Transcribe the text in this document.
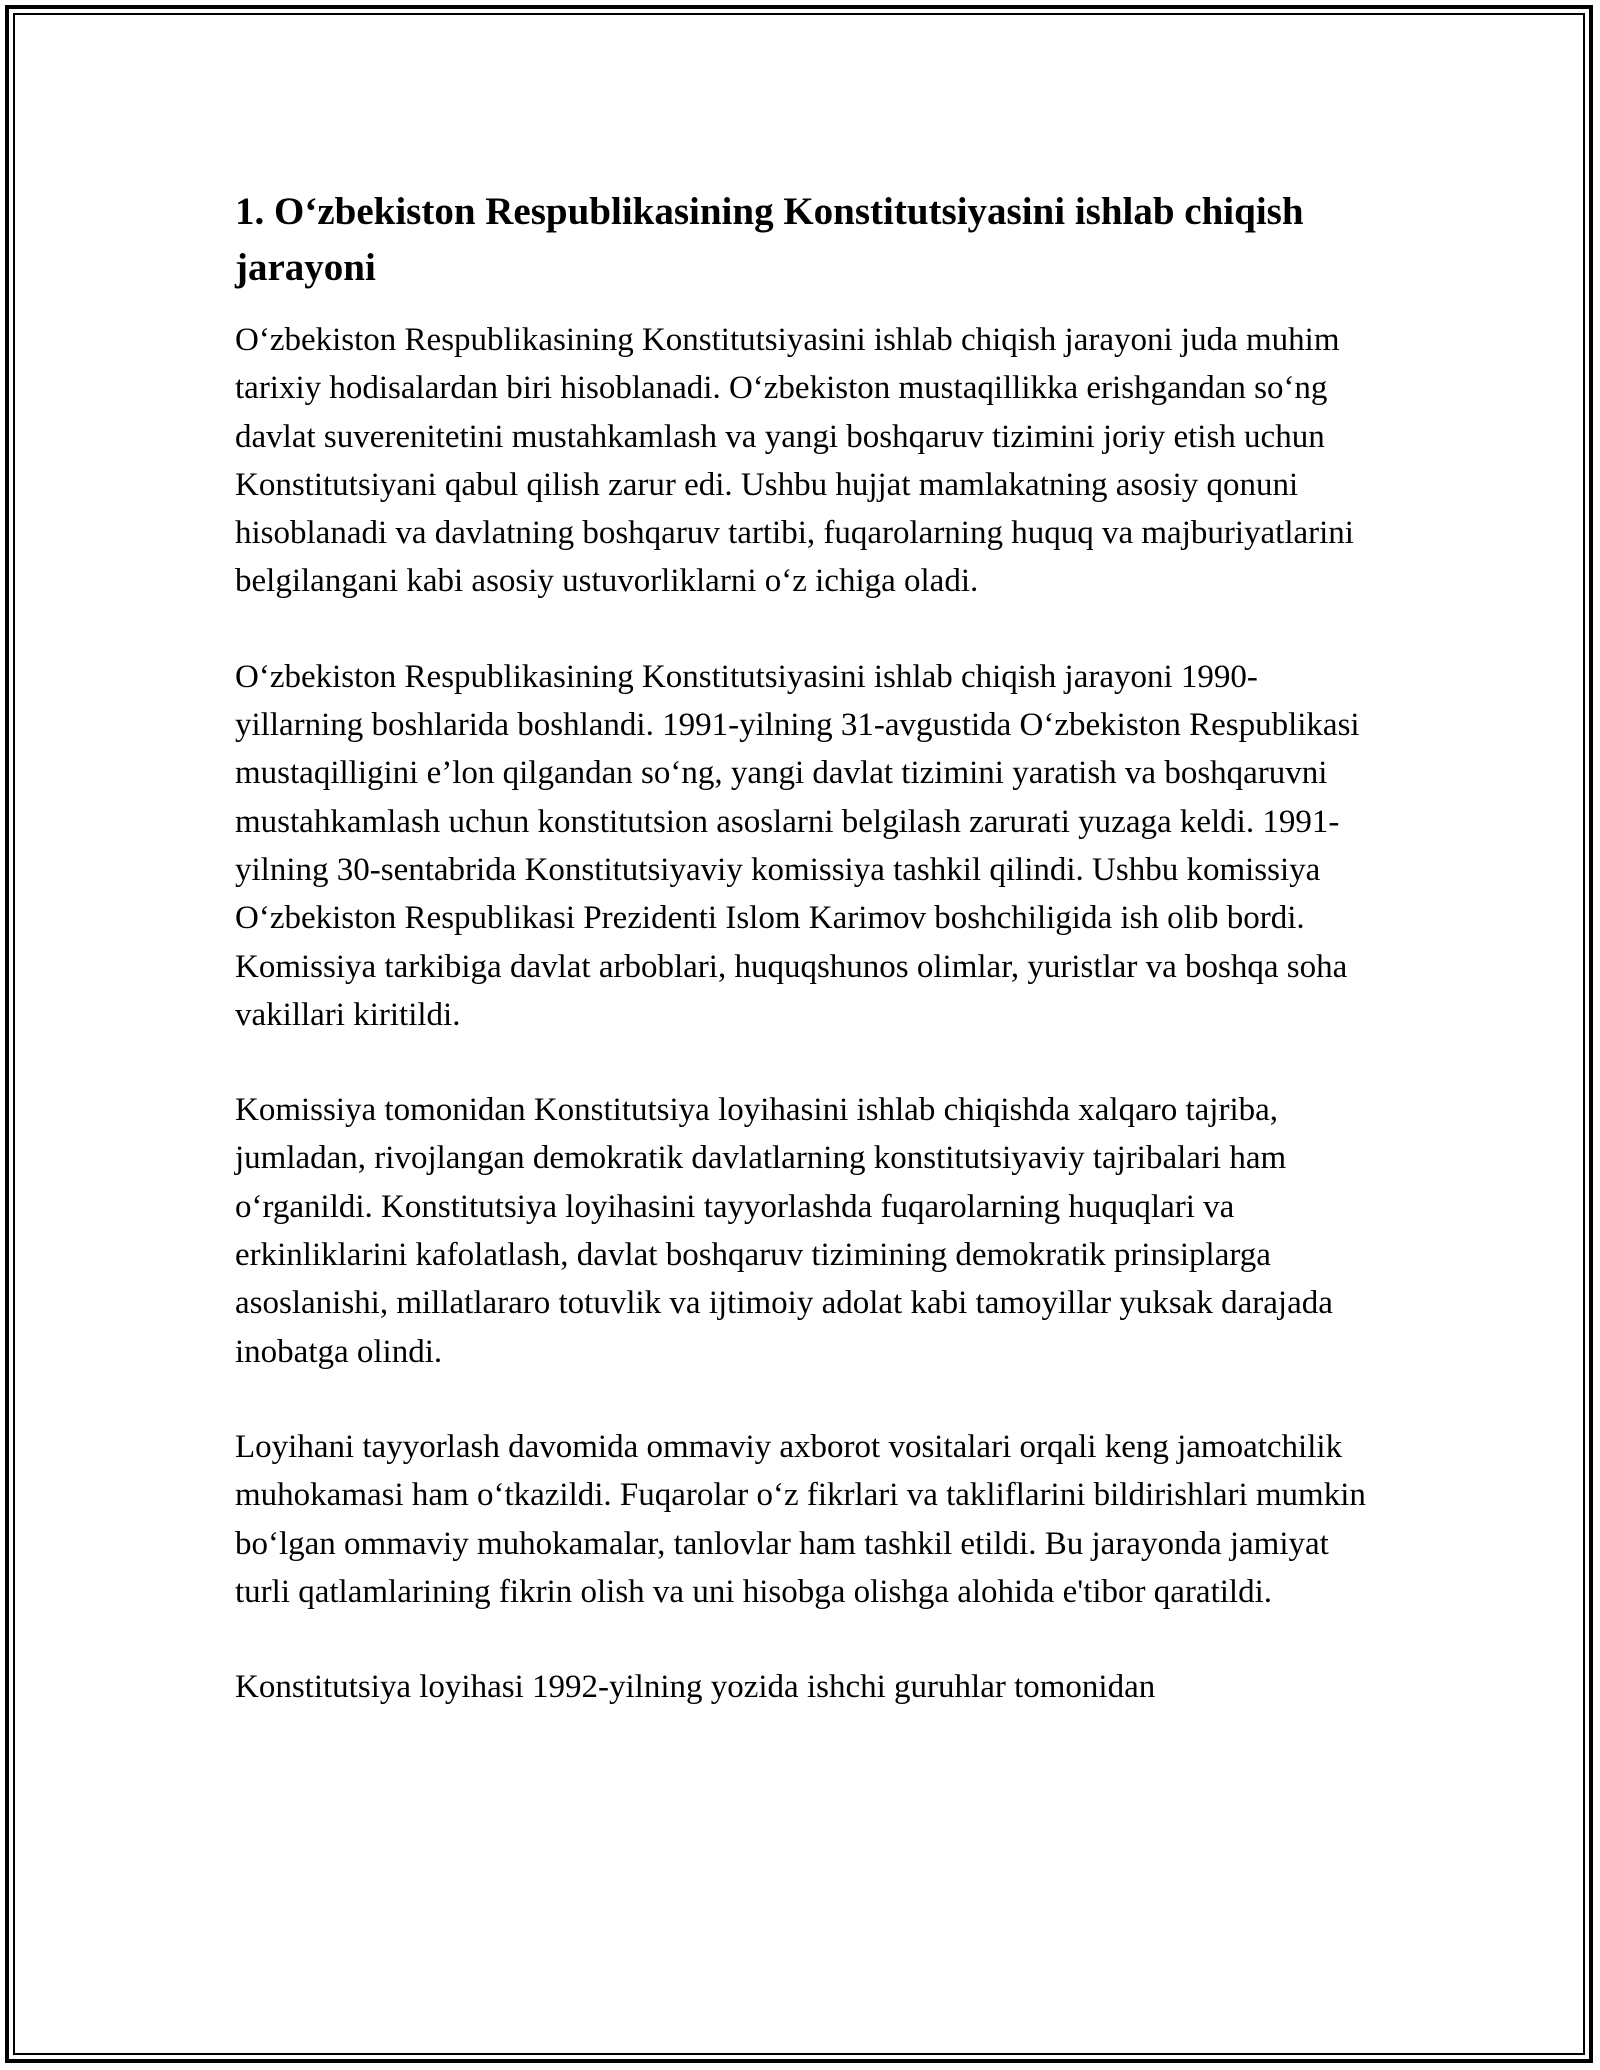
1. O‘zbekiston Respublikasining Konstitutsiyasini ishlab chiqish jarayoni

O‘zbekiston Respublikasining Konstitutsiyasini ishlab chiqish jarayoni juda muhim tarixiy hodisalardan biri hisoblanadi. O‘zbekiston mustaqillikka erishgandan so‘ng davlat suverenitetini mustahkamlash va yangi boshqaruv tizimini joriy etish uchun Konstitutsiyani qabul qilish zarur edi. Ushbu hujjat mamlakatning asosiy qonuni hisoblanadi va davlatning boshqaruv tartibi, fuqarolarning huquq va majburiyatlarini belgilangani kabi asosiy ustuvorliklarni o‘z ichiga oladi.

O‘zbekiston Respublikasining Konstitutsiyasini ishlab chiqish jarayoni 1990-yillarning boshlarida boshlandi. 1991-yilning 31-avgustida O‘zbekiston Respublikasi mustaqilligini e’lon qilgandan so‘ng, yangi davlat tizimini yaratish va boshqaruvni mustahkamlash uchun konstitutsion asoslarni belgilash zarurati yuzaga keldi. 1991-yilning 30-sentabrida Konstitutsiyaviy komissiya tashkil qilindi. Ushbu komissiya O‘zbekiston Respublikasi Prezidenti Islom Karimov boshchiligida ish olib bordi. Komissiya tarkibiga davlat arboblari, huquqshunos olimlar, yuristlar va boshqa soha vakillari kiritildi.

Komissiya tomonidan Konstitutsiya loyihasini ishlab chiqishda xalqaro tajriba, jumladan, rivojlangan demokratik davlatlarning konstitutsiyaviy tajribalari ham o‘rganildi. Konstitutsiya loyihasini tayyorlashda fuqarolarning huquqlari va erkinliklarini kafolatlash, davlat boshqaruv tizimining demokratik prinsiplarga asoslanishi, millatlararo totuvlik va ijtimoiy adolat kabi tamoyillar yuksak darajada inobatga olindi.

Loyihani tayyorlash davomida ommaviy axborot vositalari orqali keng jamoatchilik muhokamasi ham o‘tkazildi. Fuqarolar o‘z fikrlari va takliflarini bildirishlari mumkin bo‘lgan ommaviy muhokamalar, tanlovlar ham tashkil etildi. Bu jarayonda jamiyat turli qatlamlarining fikrin olish va uni hisobga olishga alohida e'tibor qaratildi.

Konstitutsiya loyihasi 1992-yilning yozida ishchi guruhlar tomonidan
